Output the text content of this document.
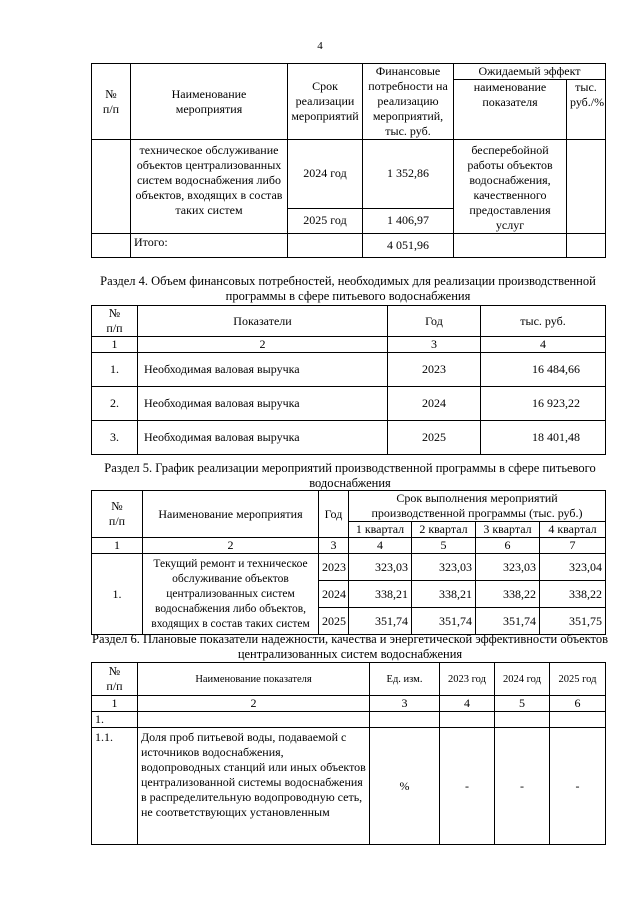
4
№
п/п	Наименование мероприятия	Срок реализации мероприятий	Финансовые потребности на реализацию мероприятий, тыс. руб.	Ожидаемый эффект	
				наименование показателя	тыс. руб./%
	техническое обслуживание объектов централизованных систем водоснабжения либо объектов, входящих в состав таких систем	2024 год	1 352,86	бесперебойной работы объектов водоснабжения, качественного предоставления услуг	
		2025 год	1 406,97		
	Итого:		4 051,96		
Раздел 4. Объем финансовых потребностей, необходимых для реализации производственной программы в сфере питьевого водоснабжения
№
п/п	Показатели	Год	тыс. руб.
1	2	3	4
1.	Необходимая валовая выручка	2023	16 484,66
2.	Необходимая валовая выручка	2024	16 923,22
3.	Необходимая валовая выручка	2025	18 401,48
Раздел 5. График реализации мероприятий производственной программы в сфере питьевого водоснабжения
№
п/п	Наименование мероприятия	Год	Срок выполнения мероприятий производственной программы (тыс. руб.)			
			1 квартал	2 квартал	3 квартал	4 квартал
1	2	3	4	5	6	7
1.	Текущий ремонт и техническое обслуживание объектов централизованных систем водоснабжения либо объектов, входящих в состав таких систем	2023	323,03	323,03	323,03	323,04
		2024	338,21	338,21	338,22	338,22
		2025	351,74	351,74	351,74	351,75
Раздел 6. Плановые показатели надежности, качества и энергетической эффективности объектов централизованных систем водоснабжения
№
п/п	Наименование показателя	Ед. изм.	2023 год	2024 год	2025 год
1	2	3	4	5	6
1.					
1.1.	Доля проб питьевой воды, подаваемой с источников водоснабжения, водопроводных станций или иных объектов централизованной системы водоснабжения в распределительную водопроводную сеть, не соответствующих установленным	%	-	-	-
